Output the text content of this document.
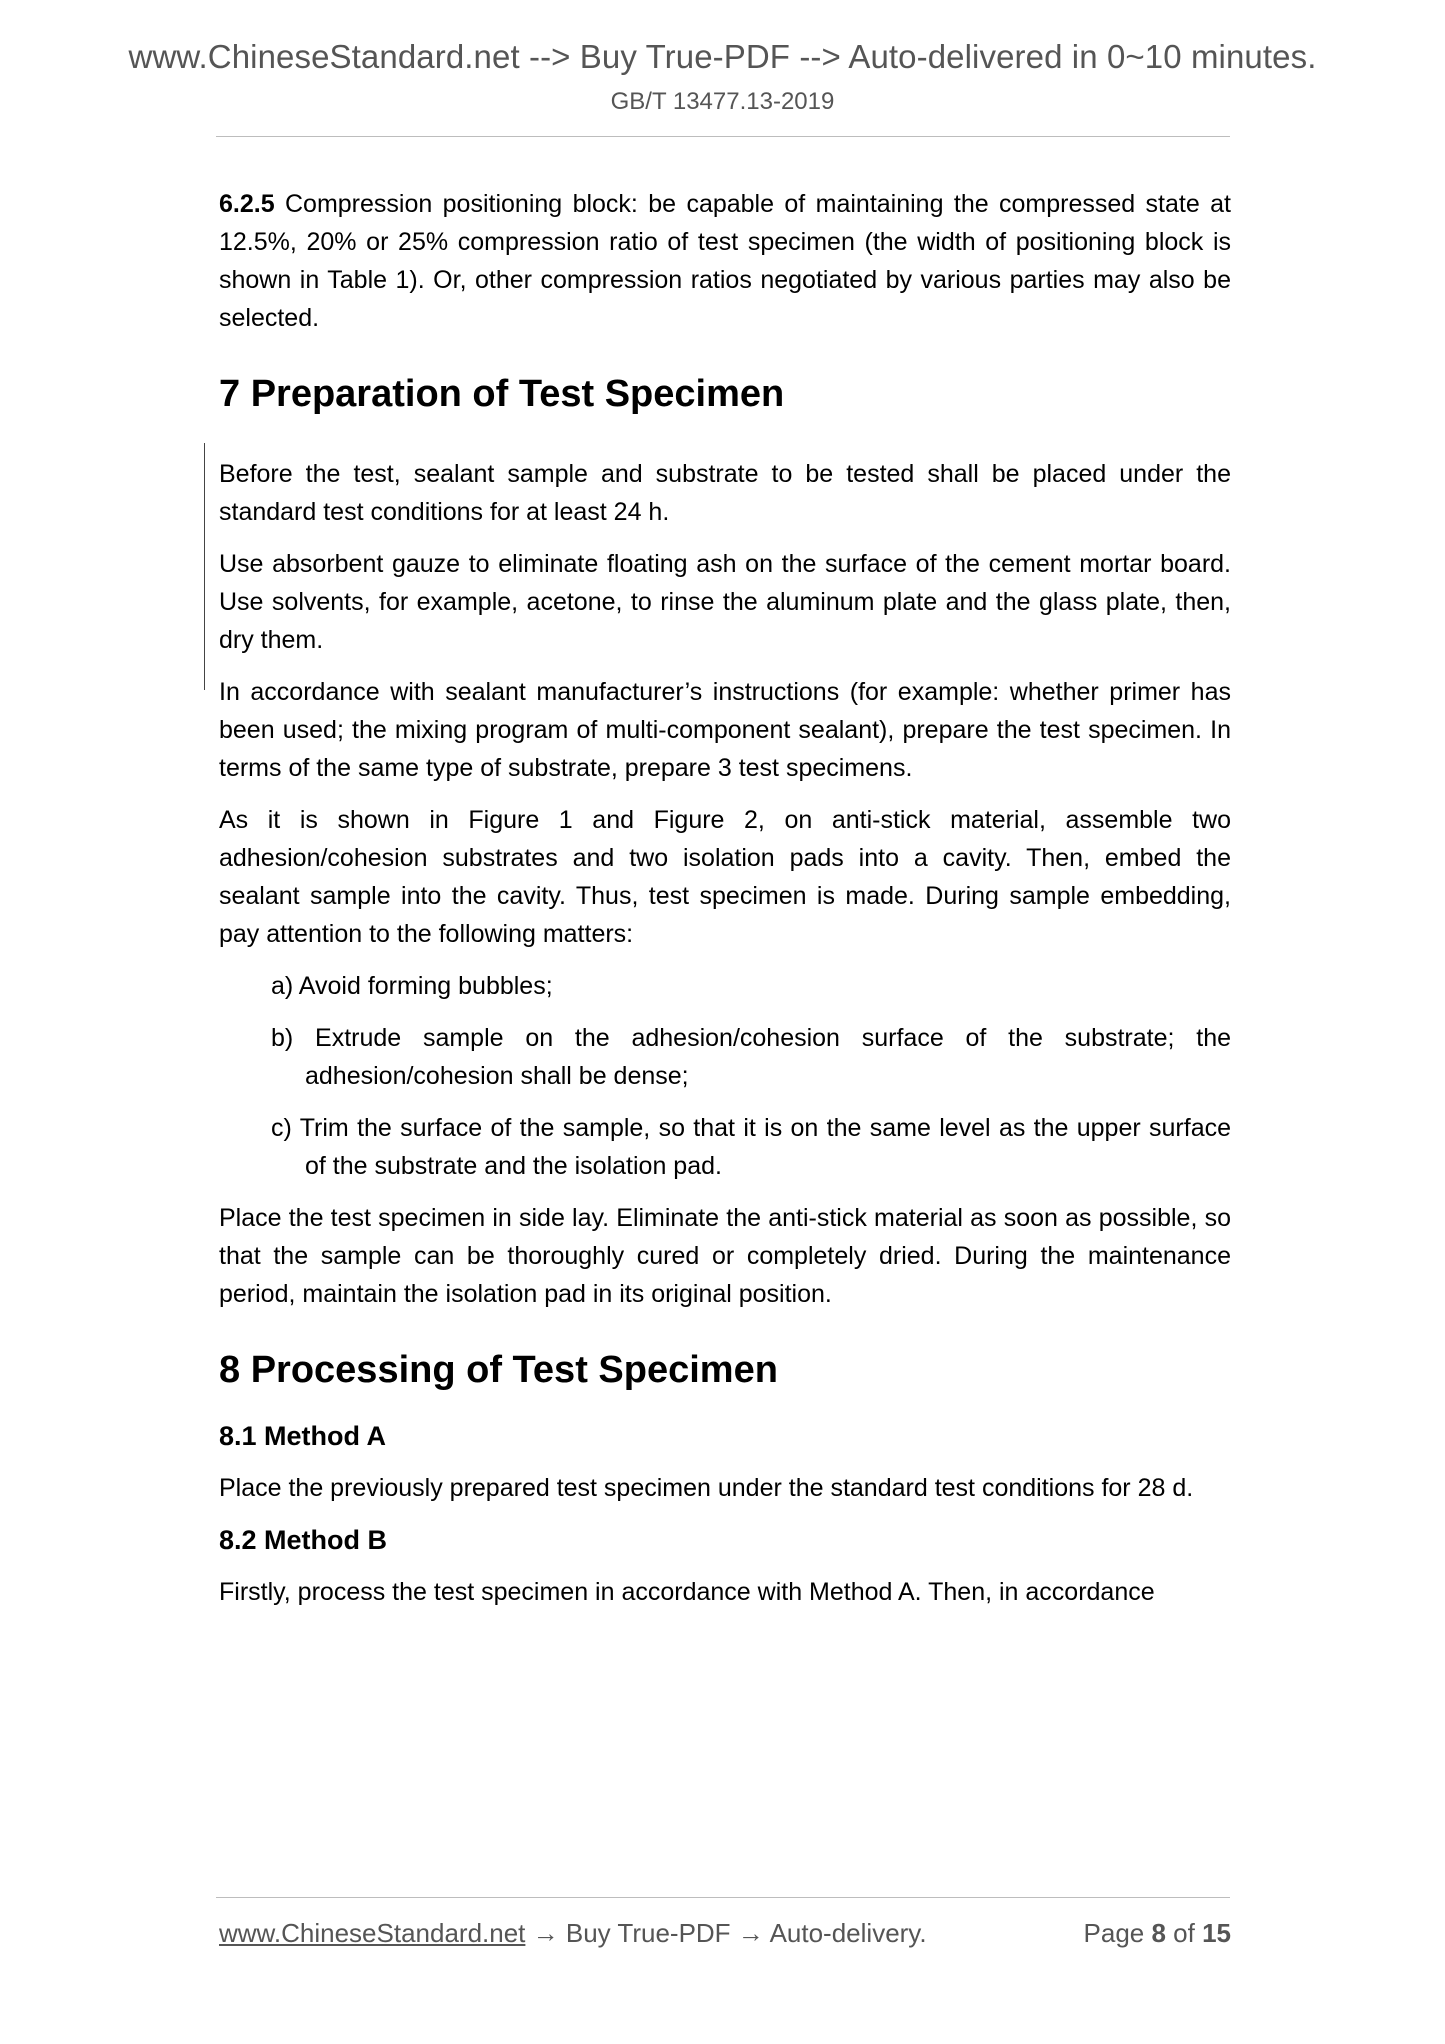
www.ChineseStandard.net --> Buy True-PDF --> Auto-delivered in 0~10 minutes.
GB/T 13477.13-2019

6.2.5 Compression positioning block: be capable of maintaining the compressed state at 12.5%, 20% or 25% compression ratio of test specimen (the width of positioning block is shown in Table 1). Or, other compression ratios negotiated by various parties may also be selected.

7 Preparation of Test Specimen

Before the test, sealant sample and substrate to be tested shall be placed under the standard test conditions for at least 24 h.

Use absorbent gauze to eliminate floating ash on the surface of the cement mortar board. Use solvents, for example, acetone, to rinse the aluminum plate and the glass plate, then, dry them.

In accordance with sealant manufacturer’s instructions (for example: whether primer has been used; the mixing program of multi-component sealant), prepare the test specimen. In terms of the same type of substrate, prepare 3 test specimens.

As it is shown in Figure 1 and Figure 2, on anti-stick material, assemble two adhesion/cohesion substrates and two isolation pads into a cavity. Then, embed the sealant sample into the cavity. Thus, test specimen is made. During sample embedding, pay attention to the following matters:

a) Avoid forming bubbles;

b) Extrude sample on the adhesion/cohesion surface of the substrate; the adhesion/cohesion shall be dense;

c) Trim the surface of the sample, so that it is on the same level as the upper surface of the substrate and the isolation pad.

Place the test specimen in side lay. Eliminate the anti-stick material as soon as possible, so that the sample can be thoroughly cured or completely dried. During the maintenance period, maintain the isolation pad in its original position.

8 Processing of Test Specimen
8.1 Method A

Place the previously prepared test specimen under the standard test conditions for 28 d.

8.2 Method B

Firstly, process the test specimen in accordance with Method A. Then, in accordance

www.ChineseStandard.net → Buy True-PDF → Auto-delivery.	Page 8 of 15
